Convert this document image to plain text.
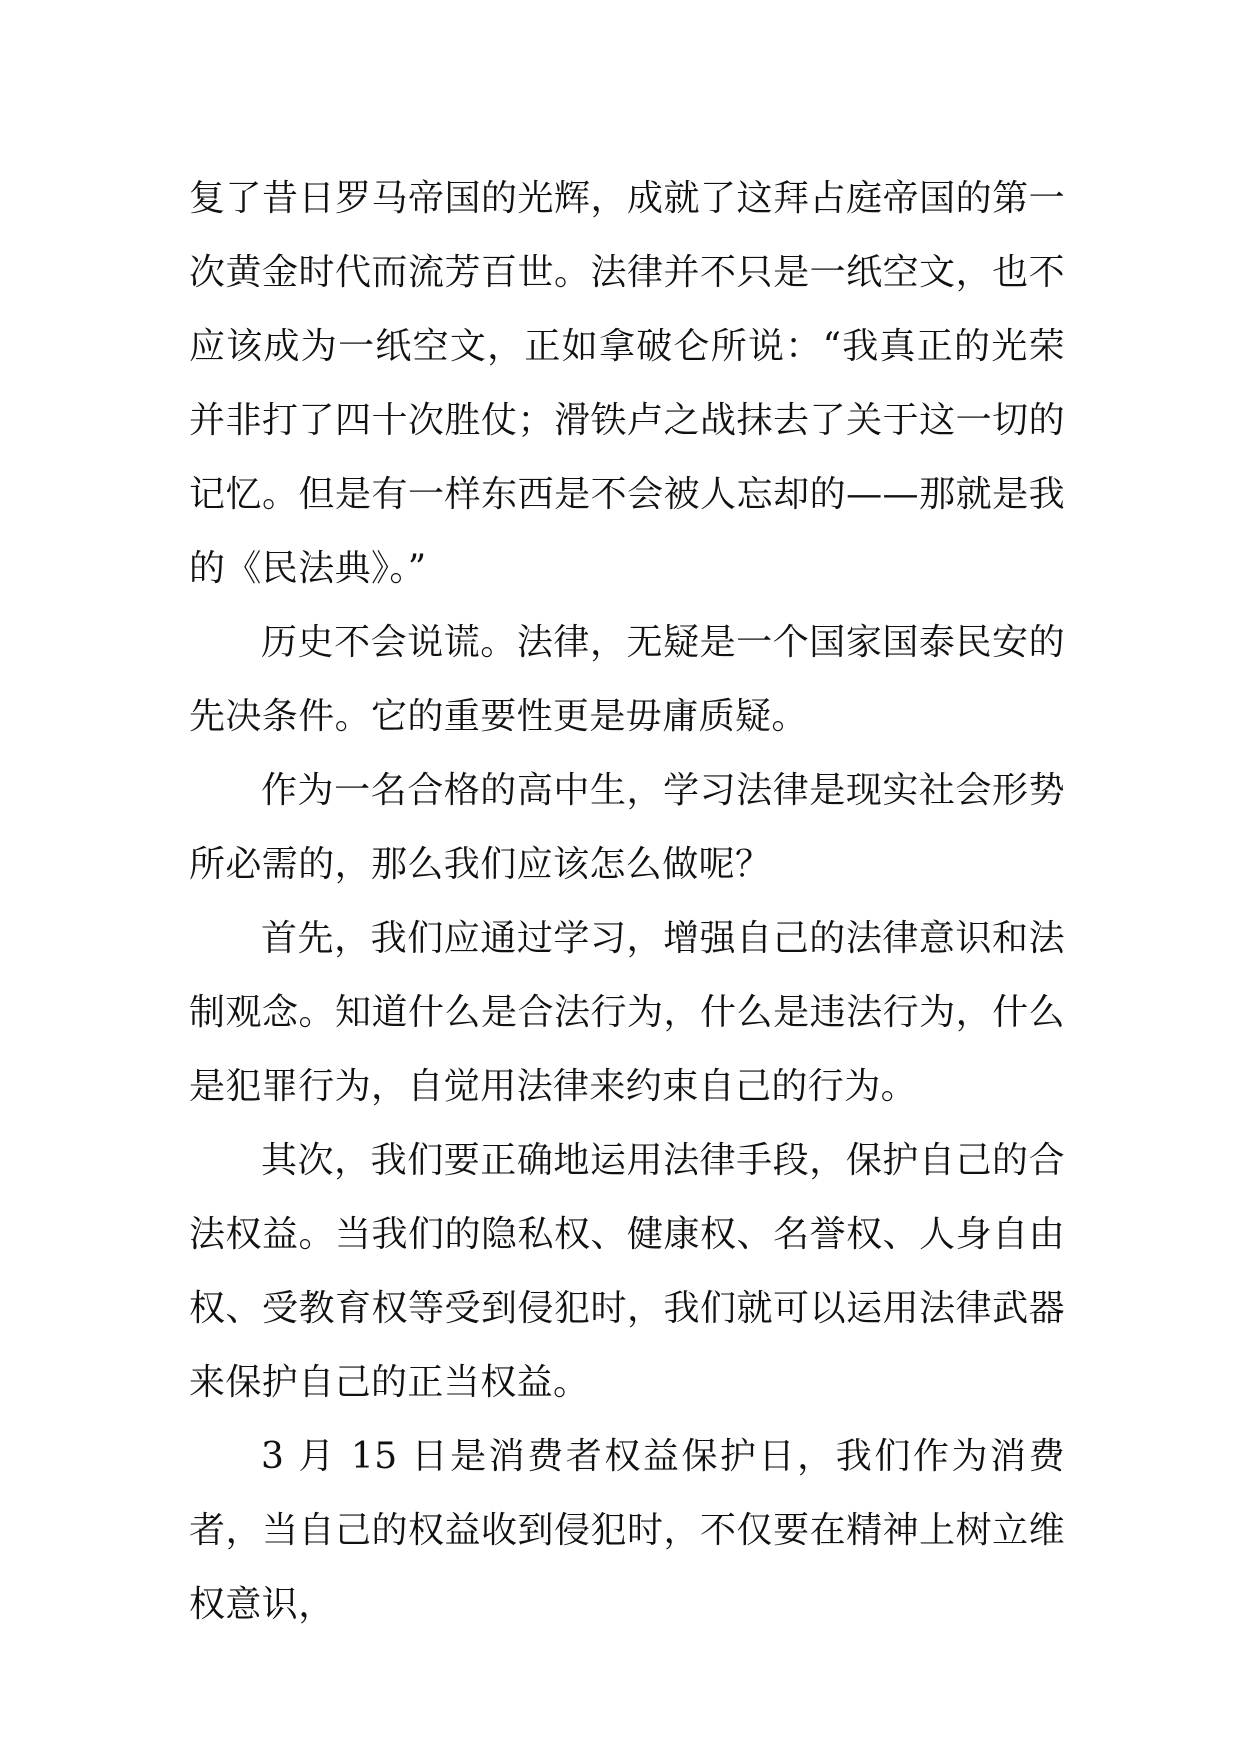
复了昔日罗马帝国的光辉，成就了这拜占庭帝国的第一次黄金时代而流芳百世。法律并不只是一纸空文，也不应该成为一纸空文，正如拿破仑所说：“我真正的光荣并非打了四十次胜仗；滑铁卢之战抹去了关于这一切的记忆。但是有一样东西是不会被人忘却的——那就是我的《民法典》。”

历史不会说谎。法律，无疑是一个国家国泰民安的先决条件。它的重要性更是毋庸质疑。

作为一名合格的高中生，学习法律是现实社会形势所必需的，那么我们应该怎么做呢？

首先，我们应通过学习，增强自己的法律意识和法制观念。知道什么是合法行为，什么是违法行为，什么是犯罪行为，自觉用法律来约束自己的行为。

其次，我们要正确地运用法律手段，保护自己的合法权益。当我们的隐私权、健康权、名誉权、人身自由权、受教育权等受到侵犯时，我们就可以运用法律武器来保护自己的正当权益。

3 月 15 日是消费者权益保护日，我们作为消费者，当自己的权益收到侵犯时，不仅要在精神上树立维权意识，
